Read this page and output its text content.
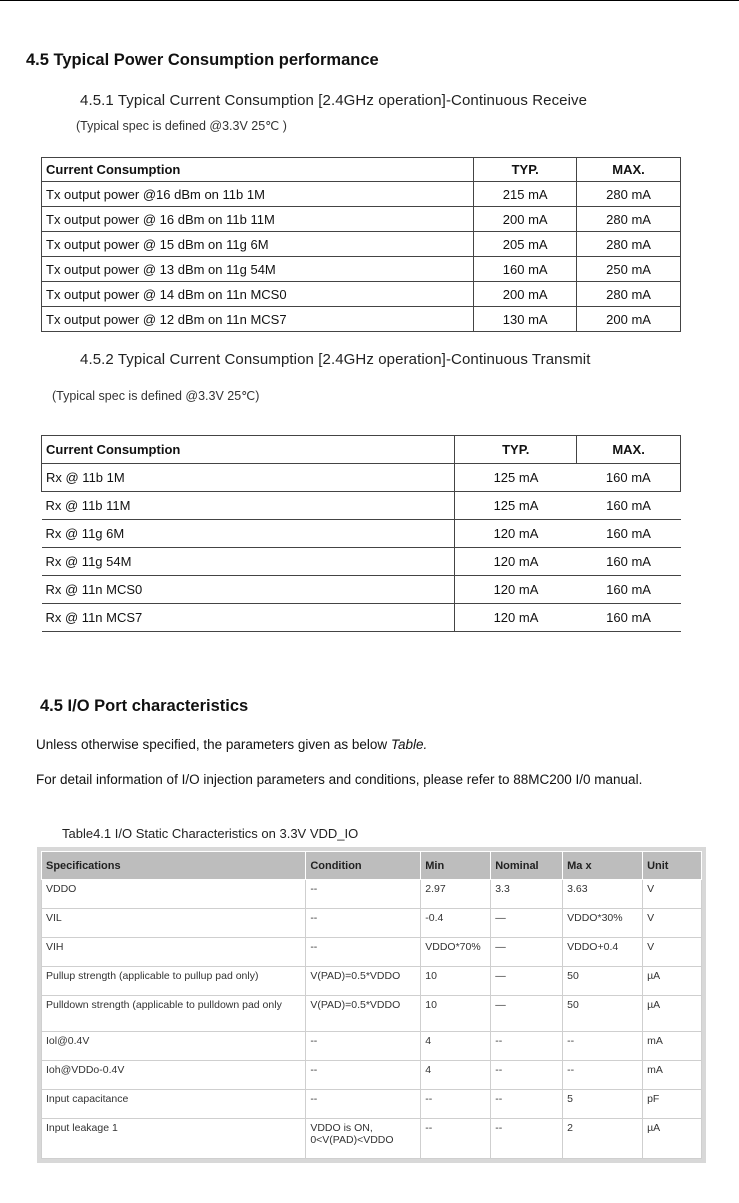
4.5 Typical Power Consumption performance
4.5.1 Typical Current Consumption [2.4GHz operation]-Continuous Receive
(Typical spec is defined @3.3V 25℃ )
Current Consumption	TYP.	MAX.
Tx output power @16 dBm on 11b 1M	215 mA	280 mA
Tx output power @ 16 dBm on 11b 11M	200 mA	280 mA
Tx output power @ 15 dBm on 11g 6M	205 mA	280 mA
Tx output power @ 13 dBm on 11g 54M	160 mA	250 mA
Tx output power @ 14 dBm on 11n MCS0	200 mA	280 mA
Tx output power @ 12 dBm on 11n MCS7	130 mA	200 mA
4.5.2 Typical Current Consumption [2.4GHz operation]-Continuous Transmit
(Typical spec is defined @3.3V 25℃)
Current Consumption	TYP.	MAX.
Rx @ 11b 1M	125 mA	160 mA
Rx @ 11b 11M	125 mA	160 mA
Rx @ 11g 6M	120 mA	160 mA
Rx @ 11g 54M	120 mA	160 mA
Rx @ 11n MCS0	120 mA	160 mA
Rx @ 11n MCS7	120 mA	160 mA
4.5 I/O Port characteristics
Unless otherwise specified, the parameters given as below Table.
For detail information of I/O injection parameters and conditions, please refer to 88MC200 I/0 manual.
Table4.1 I/O Static Characteristics on 3.3V VDD_IO
Specifications	Condition	Min	Nominal	Ma x	Unit
VDDO	--	2.97	3.3	3.63	V
VIL	--	-0.4	—	VDDO*30%	V
VIH	--	VDDO*70%	—	VDDO+0.4	V
Pullup strength (applicable to pullup pad only)	V(PAD)=0.5*VDDO	10	—	50	µA
Pulldown strength (applicable to pulldown pad only	V(PAD)=0.5*VDDO	10	—	50	µA
Iol@0.4V	--	4	--	--	mA
Ioh@VDDo-0.4V	--	4	--	--	mA
Input capacitance	--	--	--	5	pF
Input leakage 1	VDDO is ON, 0<V(PAD)<VDDO	--	--	2	µA
